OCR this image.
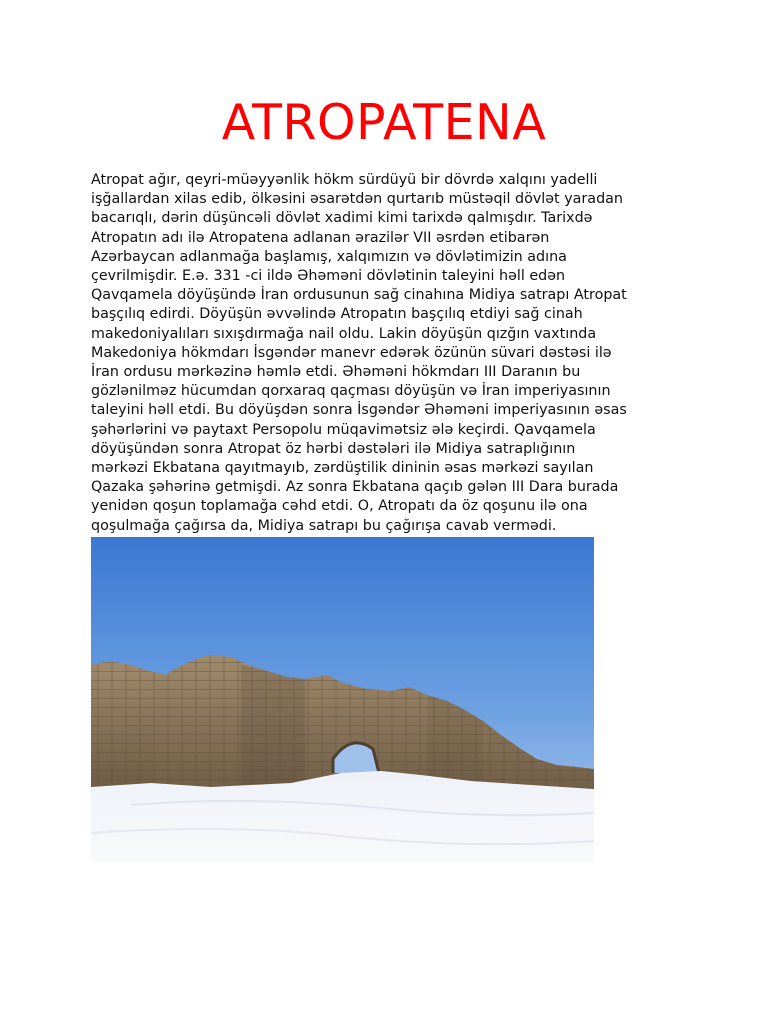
ATROPATENA

Atropat ağır, qeyri-müəyyənlik hökm sürdüyü bir dövrdə xalqını yadelli
işğallardan xilas edib, ölkəsini əsarətdən qurtarıb müstəqil dövlət yaradan
bacarıqlı, dərin düşüncəli dövlət xadimi kimi tarixdə qalmışdır. Tarixdə
Atropatın adı ilə Atropatena adlanan ərazilər VII əsrdən etibarən
Azərbaycan adlanmağa başlamış, xalqımızın və dövlətimizin adına
çevrilmişdir. E.ə. 331 -ci ildə Əhəməni dövlətinin taleyini həll edən
Qavqamela döyüşündə İran ordusunun sağ cinahına Midiya satrapı Atropat
başçılıq edirdi. Döyüşün əvvəlində Atropatın başçılıq etdiyi sağ cinah
makedoniyalıları sıxışdırmağa nail oldu. Lakin döyüşün qızğın vaxtında
Makedoniya hökmdarı İsgəndər manevr edərək özünün süvari dəstəsi ilə
İran ordusu mərkəzinə həmlə etdi. Əhəməni hökmdarı III Daranın bu
gözlənilməz hücumdan qorxaraq qaçması döyüşün və İran imperiyasının
taleyini həll etdi. Bu döyüşdən sonra İsgəndər Əhəməni imperiyasının əsas
şəhərlərini və paytaxt Persopolu müqavimətsiz ələ keçirdi. Qavqamela
döyüşündən sonra Atropat öz hərbi dəstələri ilə Midiya satraplığının
mərkəzi Ekbatana qayıtmayıb, zərdüştilik dininin əsas mərkəzi sayılan
Qazaka şəhərinə getmişdi. Az sonra Ekbatana qaçıb gələn III Dara burada
yenidən qoşun toplamağa cəhd etdi. O, Atropatı da öz qoşunu ilə ona
qoşulmağa çağırsa da, Midiya satrapı bu çağırışa cavab vermədi.
